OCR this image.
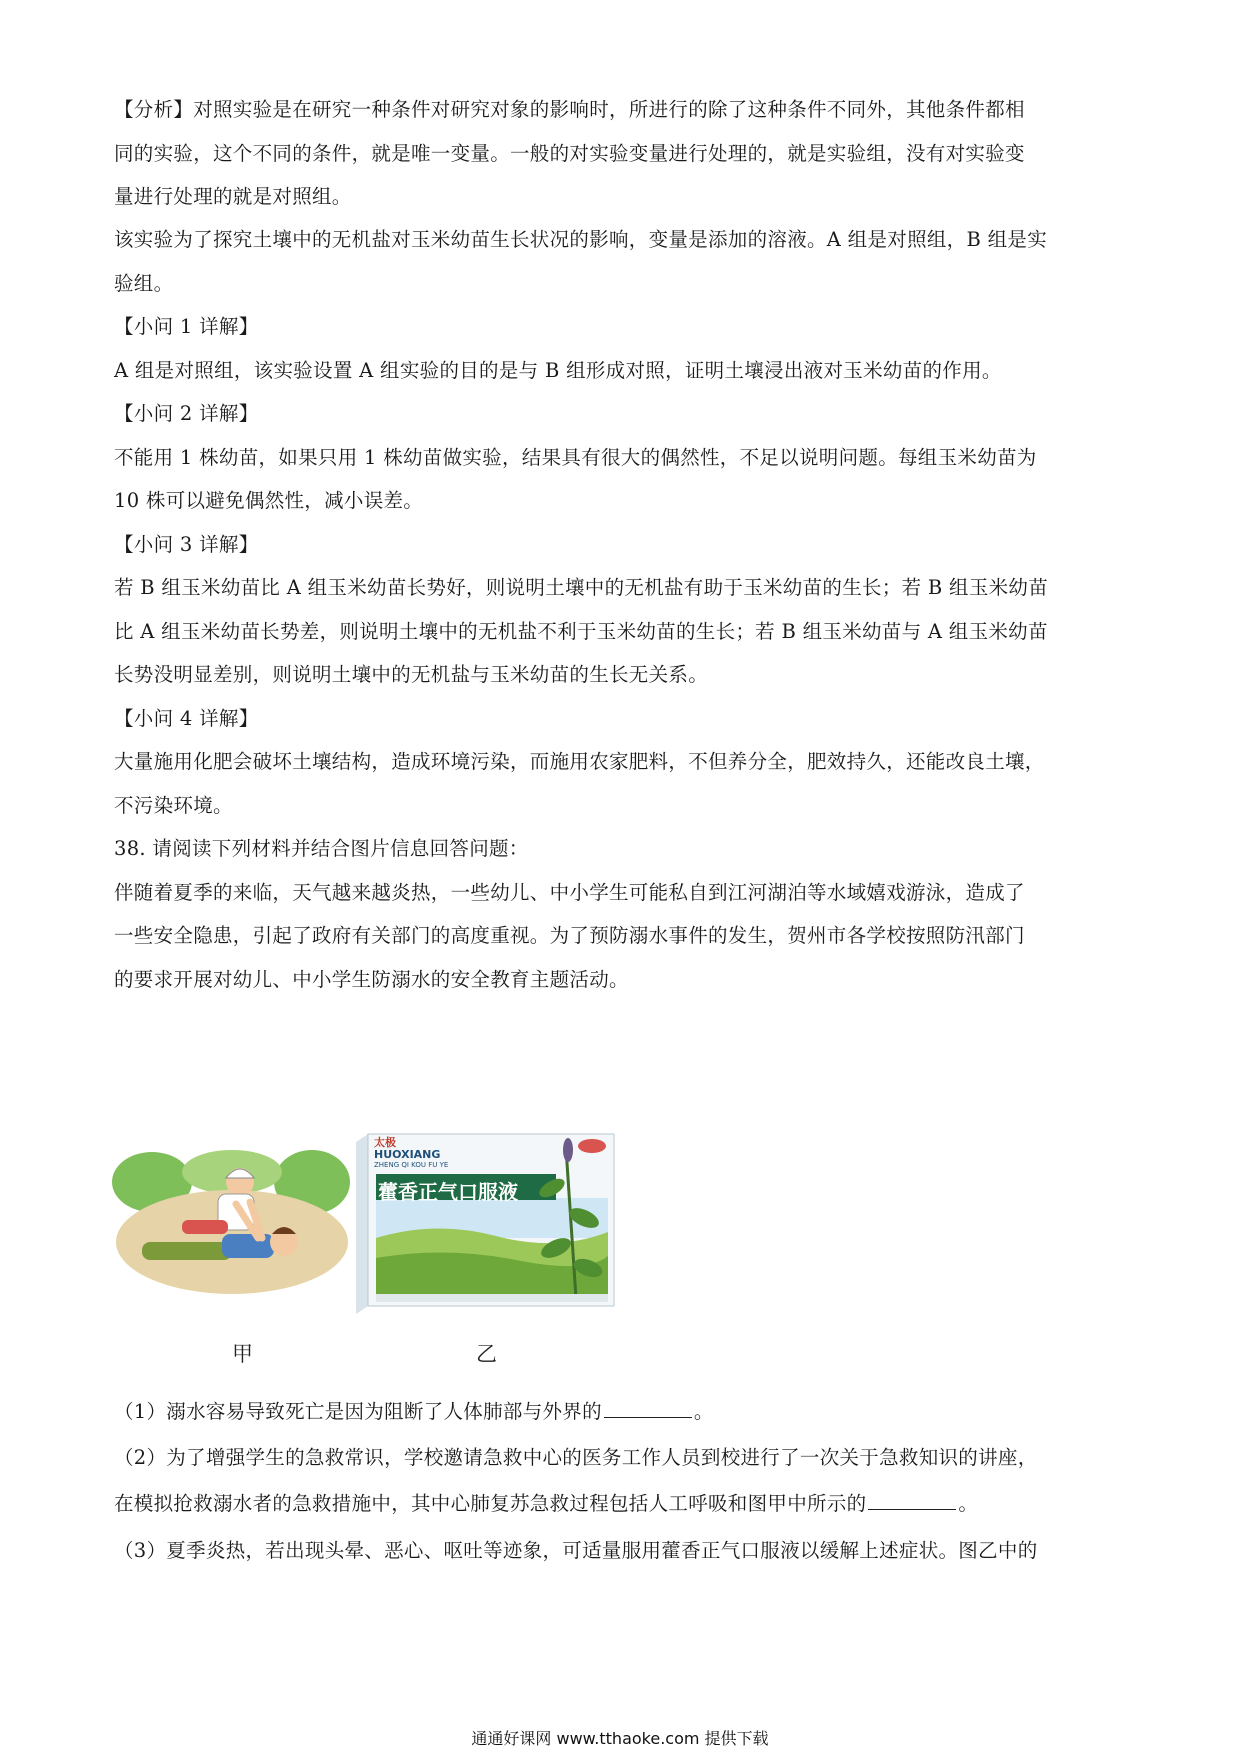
【分析】对照实验是在研究一种条件对研究对象的影响时，所进行的除了这种条件不同外，其他条件都相
同的实验，这个不同的条件，就是唯一变量。一般的对实验变量进行处理的，就是实验组，没有对实验变
量进行处理的就是对照组。
该实验为了探究土壤中的无机盐对玉米幼苗生长状况的影响，变量是添加的溶液。A 组是对照组，B 组是实
验组。
【小问 1 详解】
A 组是对照组，该实验设置 A 组实验的目的是与 B 组形成对照，证明土壤浸出液对玉米幼苗的作用。
【小问 2 详解】
不能用 1 株幼苗，如果只用 1 株幼苗做实验，结果具有很大的偶然性，不足以说明问题。每组玉米幼苗为
10 株可以避免偶然性，减小误差。
【小问 3 详解】
若 B 组玉米幼苗比 A 组玉米幼苗长势好，则说明土壤中的无机盐有助于玉米幼苗的生长；若 B 组玉米幼苗
比 A 组玉米幼苗长势差，则说明土壤中的无机盐不利于玉米幼苗的生长；若 B 组玉米幼苗与 A 组玉米幼苗
长势没明显差别，则说明土壤中的无机盐与玉米幼苗的生长无关系。
【小问 4 详解】
大量施用化肥会破坏土壤结构，造成环境污染，而施用农家肥料，不但养分全，肥效持久，还能改良土壤，
不污染环境。
38. 请阅读下列材料并结合图片信息回答问题：
伴随着夏季的来临，天气越来越炎热，一些幼儿、中小学生可能私自到江河湖泊等水域嬉戏游泳，造成了
一些安全隐患，引起了政府有关部门的高度重视。为了预防溺水事件的发生，贺州市各学校按照防汛部门
的要求开展对幼儿、中小学生防溺水的安全教育主题活动。
太极
HUOXIANG
ZHENG QI KOU FU YE
藿香正气口服液
甲	乙
（1）溺水容易导致死亡是因为阻断了人体肺部与外界的	。
（2）为了增强学生的急救常识，学校邀请急救中心的医务工作人员到校进行了一次关于急救知识的讲座，
在模拟抢救溺水者的急救措施中，其中心肺复苏急救过程包括人工呼吸和图甲中所示的	。
（3）夏季炎热，若出现头晕、恶心、呕吐等迹象，可适量服用藿香正气口服液以缓解上述症状。图乙中的
通通好课网 www.tthaoke.com 提供下载
